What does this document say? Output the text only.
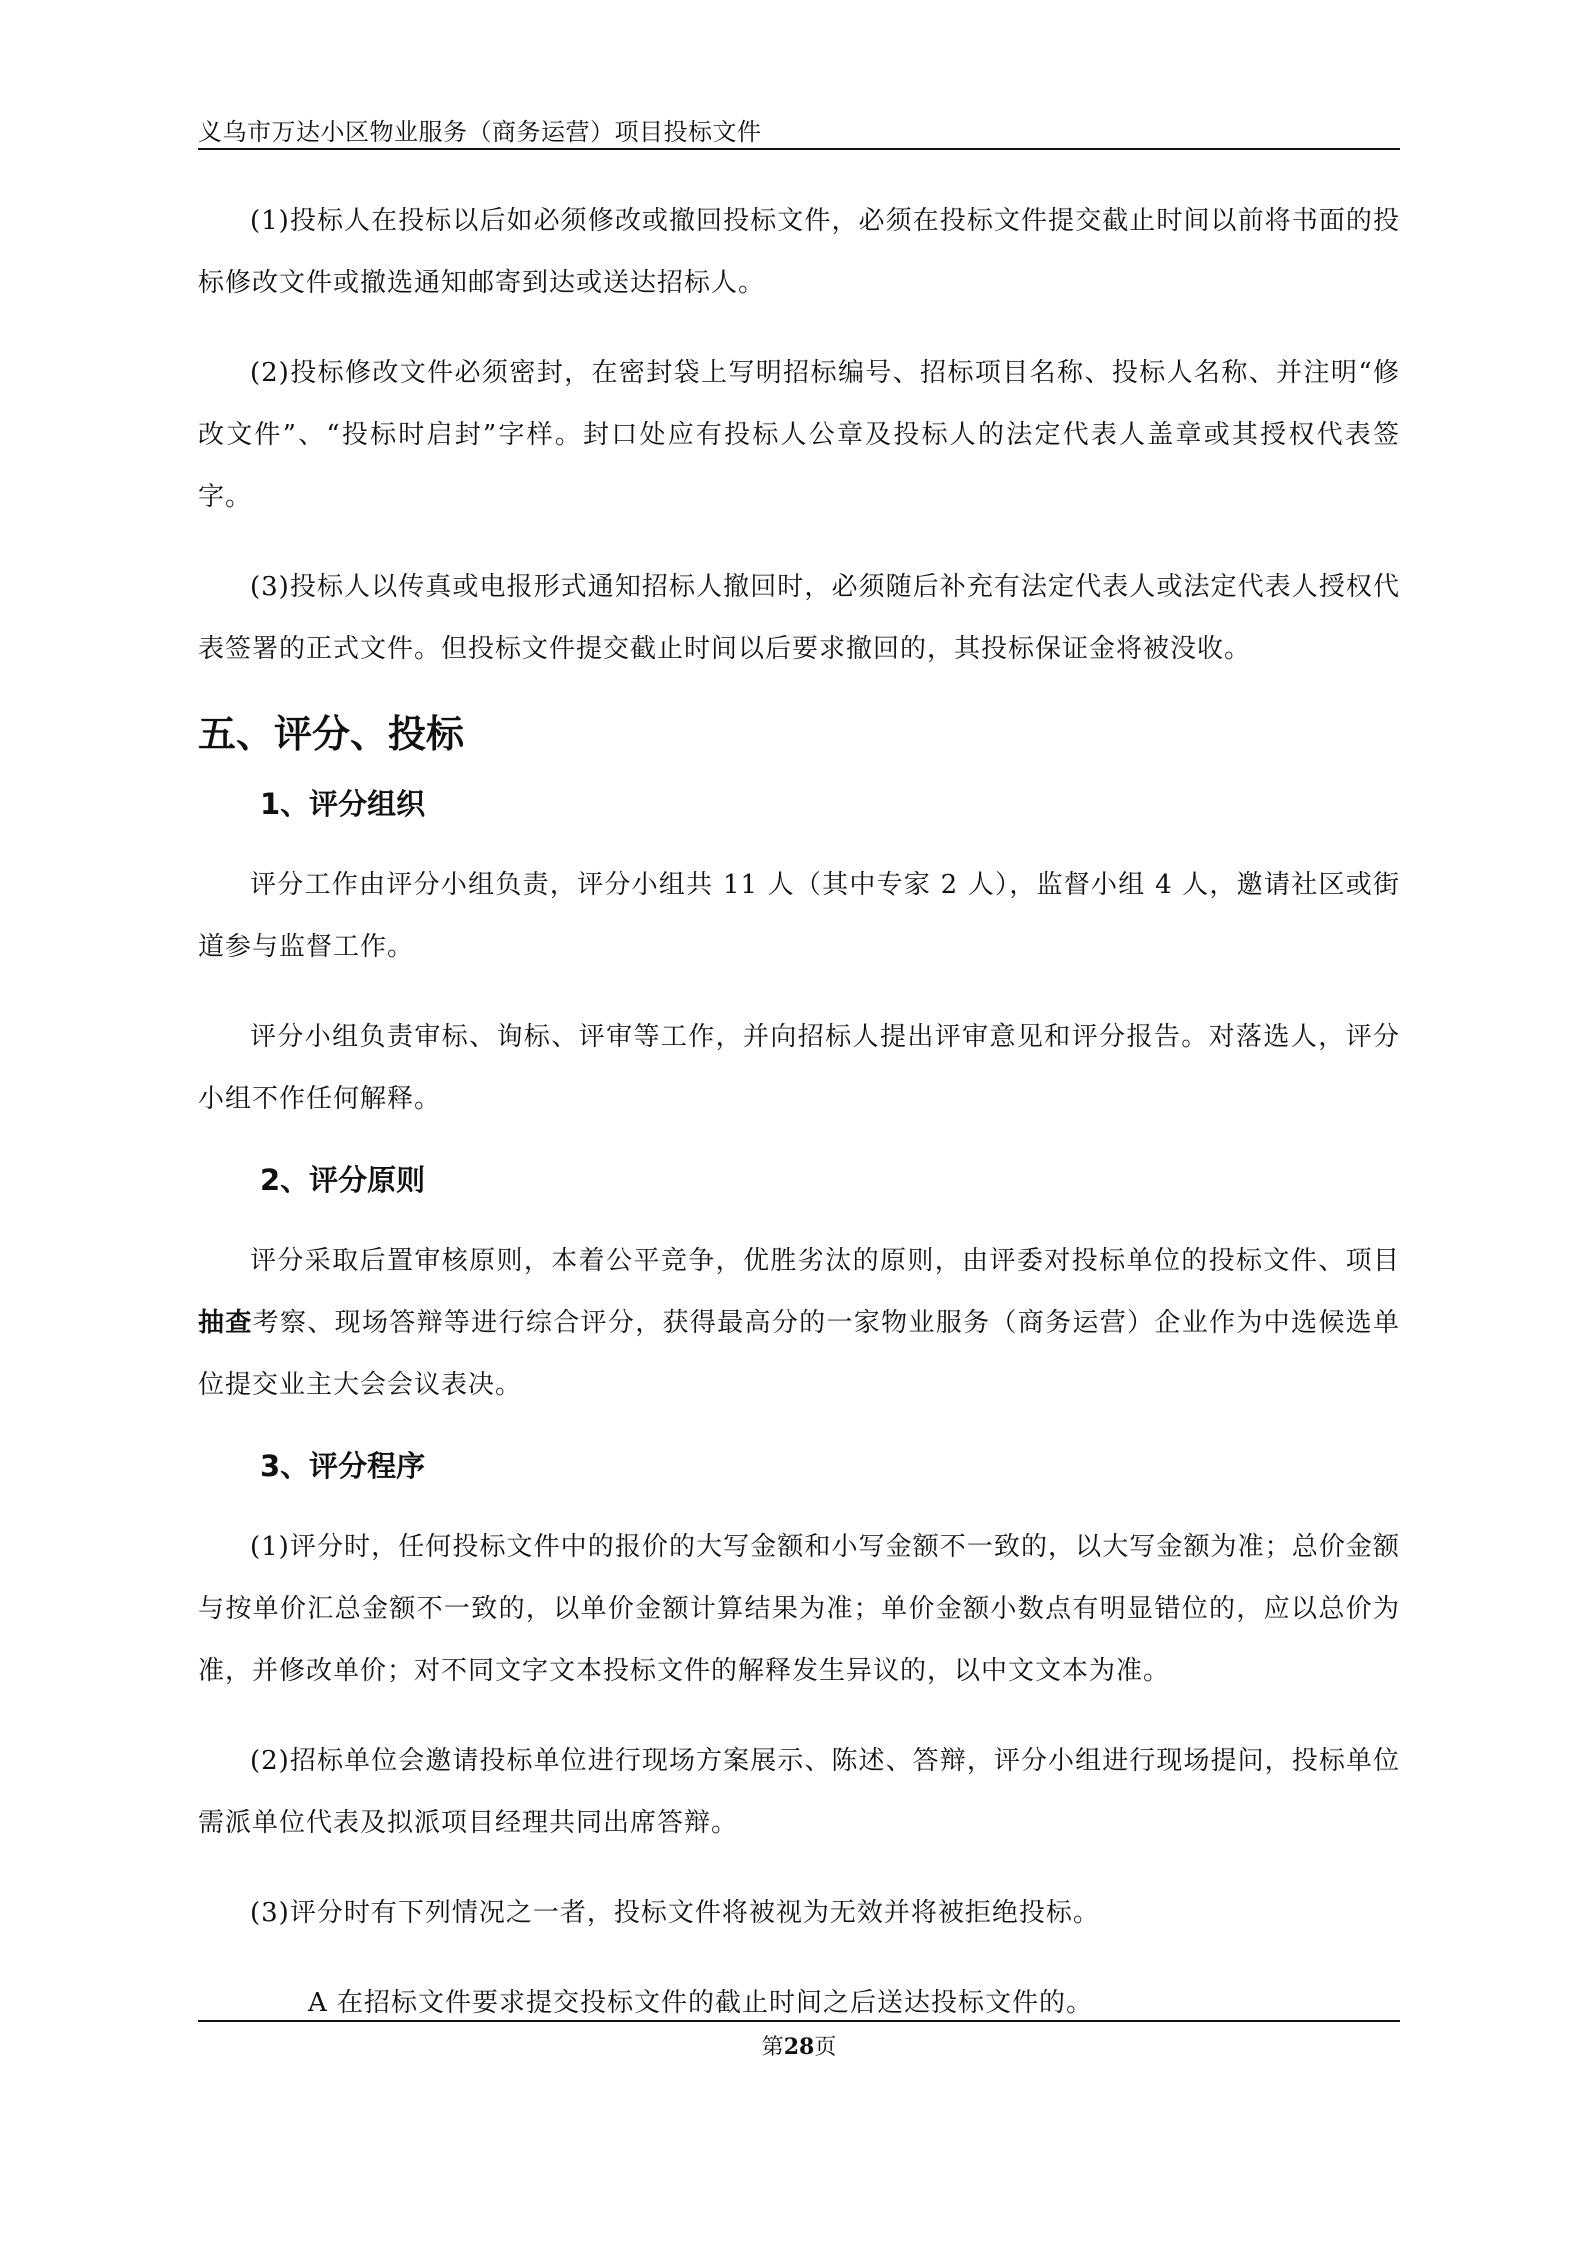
义乌市万达小区物业服务（商务运营）项目投标文件

(1)投标人在投标以后如必须修改或撤回投标文件，必须在投标文件提交截止时间以前将书面的投标修改文件或撤选通知邮寄到达或送达招标人。

(2)投标修改文件必须密封，在密封袋上写明招标编号、招标项目名称、投标人名称、并注明“修改文件”、“投标时启封”字样。封口处应有投标人公章及投标人的法定代表人盖章或其授权代表签字。

(3)投标人以传真或电报形式通知招标人撤回时，必须随后补充有法定代表人或法定代表人授权代表签署的正式文件。但投标文件提交截止时间以后要求撤回的，其投标保证金将被没收。

五、评分、投标
1、评分组织

评分工作由评分小组负责，评分小组共 11 人（其中专家 2 人），监督小组 4 人，邀请社区或街道参与监督工作。

评分小组负责审标、询标、评审等工作，并向招标人提出评审意见和评分报告。对落选人，评分小组不作任何解释。

2、评分原则

评分采取后置审核原则，本着公平竞争，优胜劣汰的原则，由评委对投标单位的投标文件、项目抽查考察、现场答辩等进行综合评分，获得最高分的一家物业服务（商务运营）企业作为中选候选单位提交业主大会会议表决。

3、评分程序

(1)评分时，任何投标文件中的报价的大写金额和小写金额不一致的，以大写金额为准；总价金额与按单价汇总金额不一致的，以单价金额计算结果为准；单价金额小数点有明显错位的，应以总价为准，并修改单价；对不同文字文本投标文件的解释发生异议的，以中文文本为准。

(2)招标单位会邀请投标单位进行现场方案展示、陈述、答辩，评分小组进行现场提问，投标单位需派单位代表及拟派项目经理共同出席答辩。

(3)评分时有下列情况之一者，投标文件将被视为无效并将被拒绝投标。

A 在招标文件要求提交投标文件的截止时间之后送达投标文件的。

第28页
